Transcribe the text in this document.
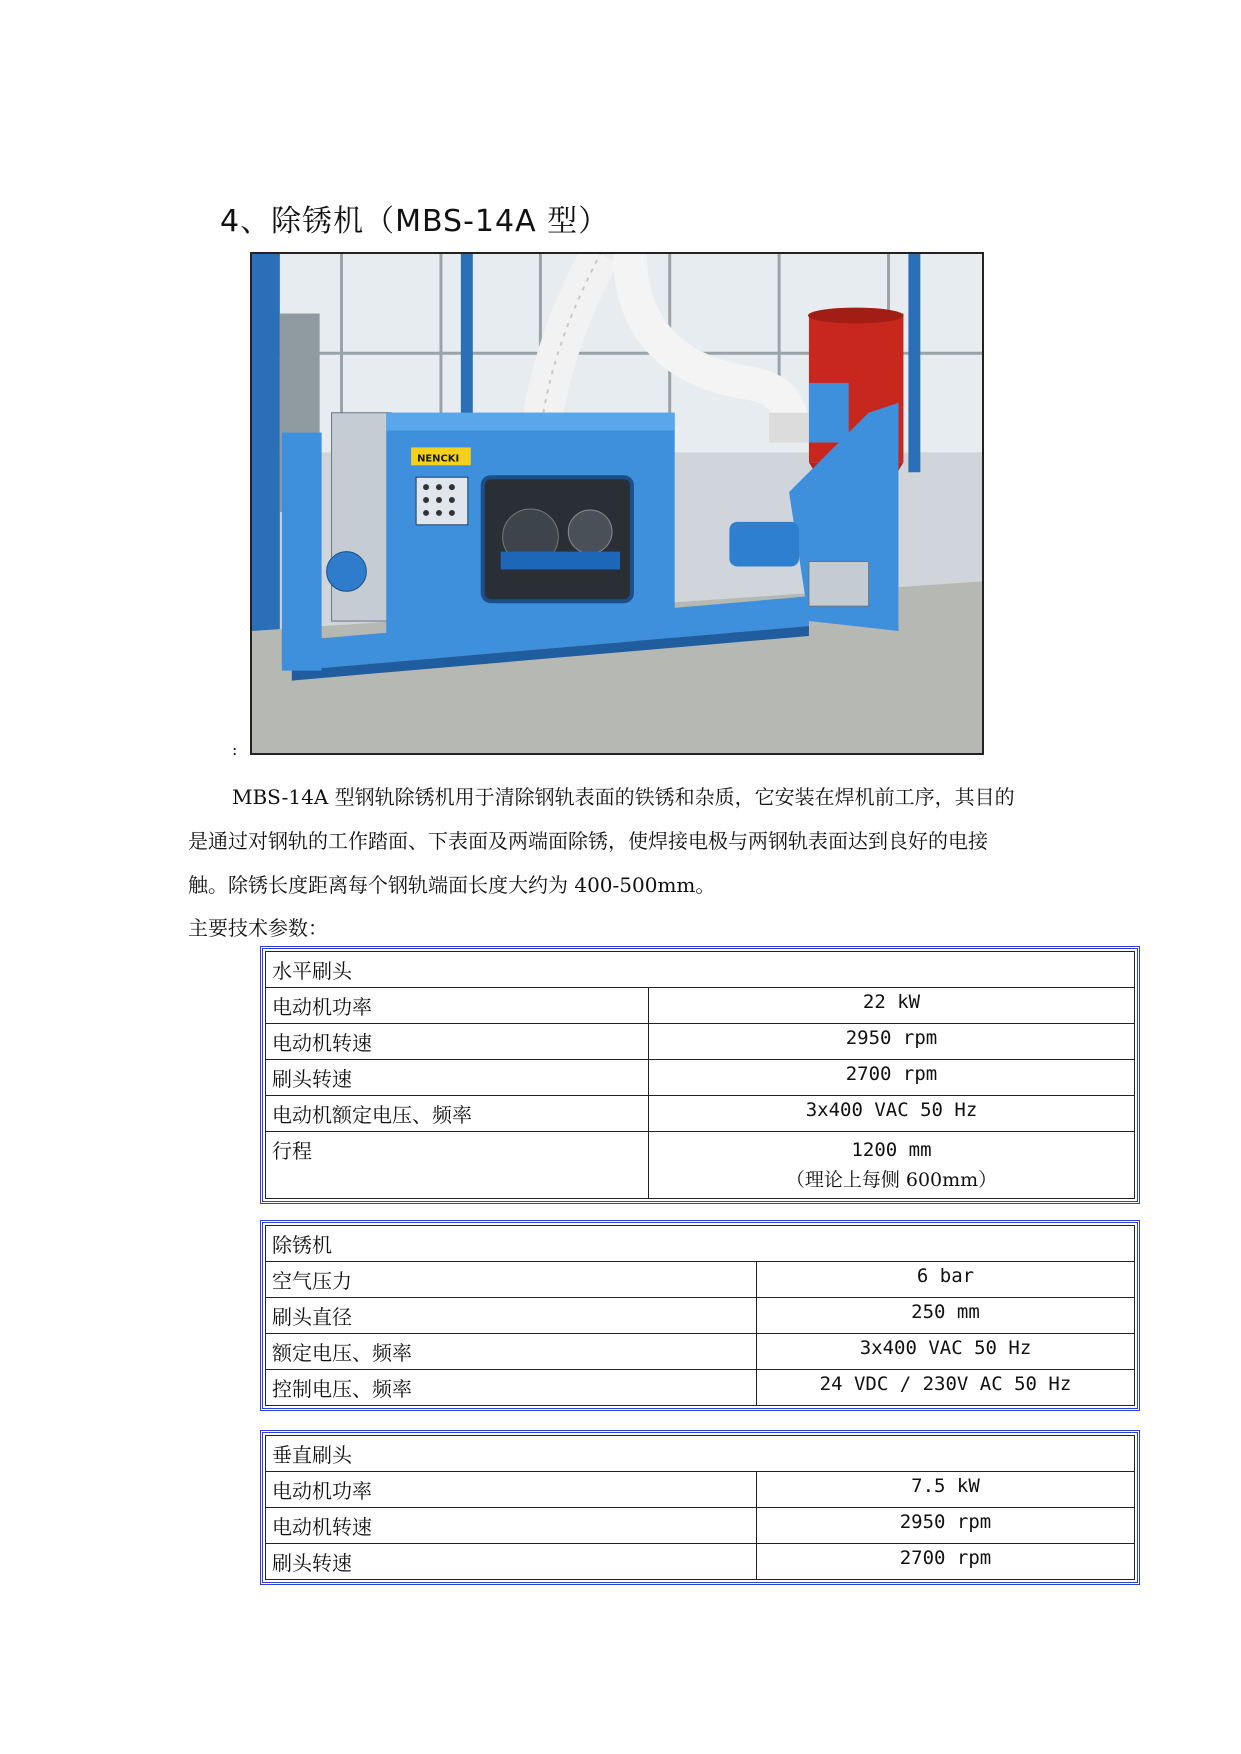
4、除锈机（MBS-14A 型）
NENCKI
:

MBS-14A 型钢轨除锈机用于清除钢轨表面的铁锈和杂质，它安装在焊机前工序，其目的

是通过对钢轨的工作踏面、下表面及两端面除锈，使焊接电极与两钢轨表面达到良好的电接

触。除锈长度距离每个钢轨端面长度大约为 400-500mm。

主要技术参数：
水平刷头	
电动机功率	22 kW
电动机转速	2950 rpm
刷头转速	2700 rpm
电动机额定电压、频率	3x400 VAC 50 Hz
行程	1200 mm
（理论上每侧 600mm）
除锈机	
空气压力	6 bar
刷头直径	250 mm
额定电压、频率	3x400 VAC 50 Hz
控制电压、频率	24 VDC / 230V AC 50 Hz
垂直刷头	
电动机功率	7.5 kW
电动机转速	2950 rpm
刷头转速	2700 rpm
